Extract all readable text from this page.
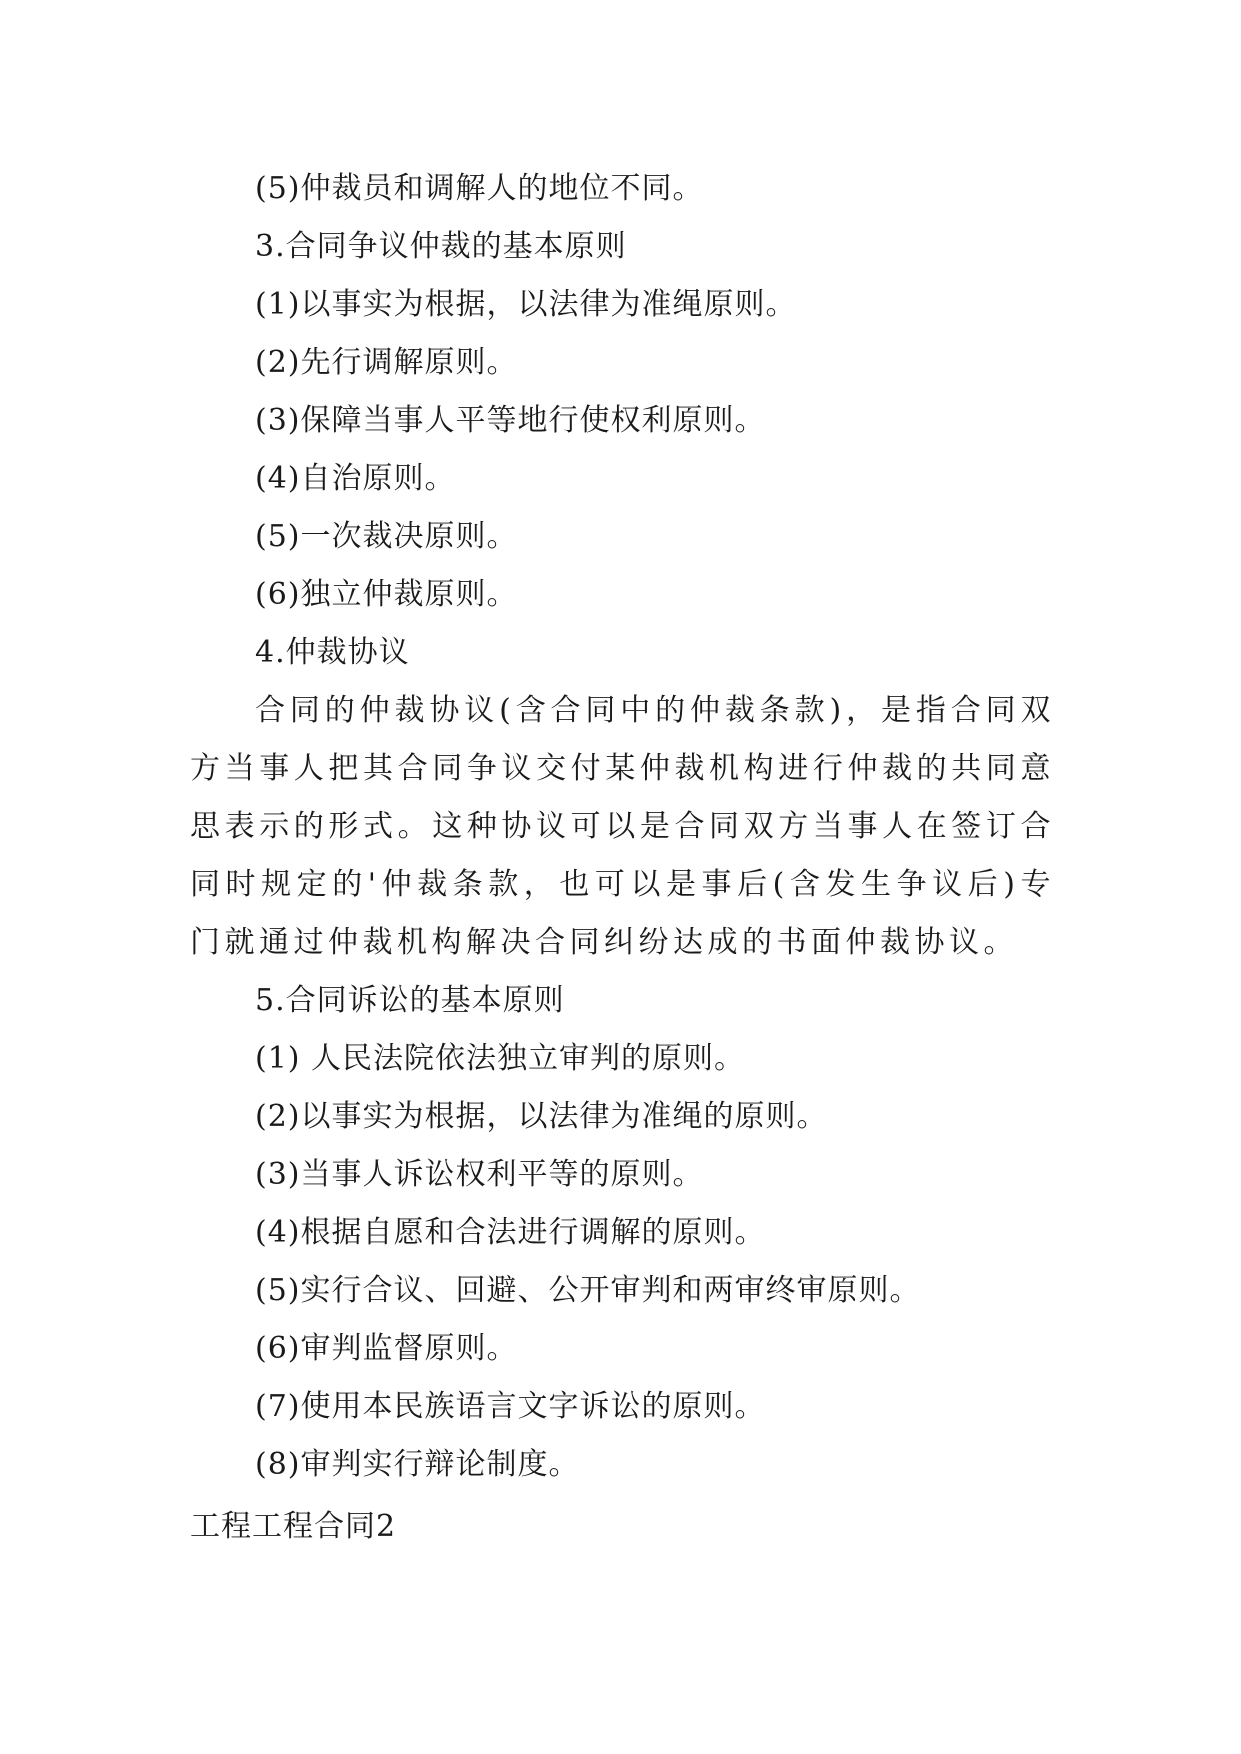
(5)仲裁员和调解人的地位不同。
3.合同争议仲裁的基本原则
(1)以事实为根据，以法律为准绳原则。
(2)先行调解原则。
(3)保障当事人平等地行使权利原则。
(4)自治原则。
(5)一次裁决原则。
(6)独立仲裁原则。
4.仲裁协议
合同的仲裁协议(含合同中的仲裁条款)，是指合同双方当事人把其合同争议交付某仲裁机构进行仲裁的共同意思表示的形式。这种协议可以是合同双方当事人在签订合同时规定的'仲裁条款，也可以是事后(含发生争议后)专门就通过仲裁机构解决合同纠纷达成的书面仲裁协议。
5.合同诉讼的基本原则
(1) 人民法院依法独立审判的原则。
(2)以事实为根据，以法律为准绳的原则。
(3)当事人诉讼权利平等的原则。
(4)根据自愿和合法进行调解的原则。
(5)实行合议、回避、公开审判和两审终审原则。
(6)审判监督原则。
(7)使用本民族语言文字诉讼的原则。
(8)审判实行辩论制度。
工程工程合同2
